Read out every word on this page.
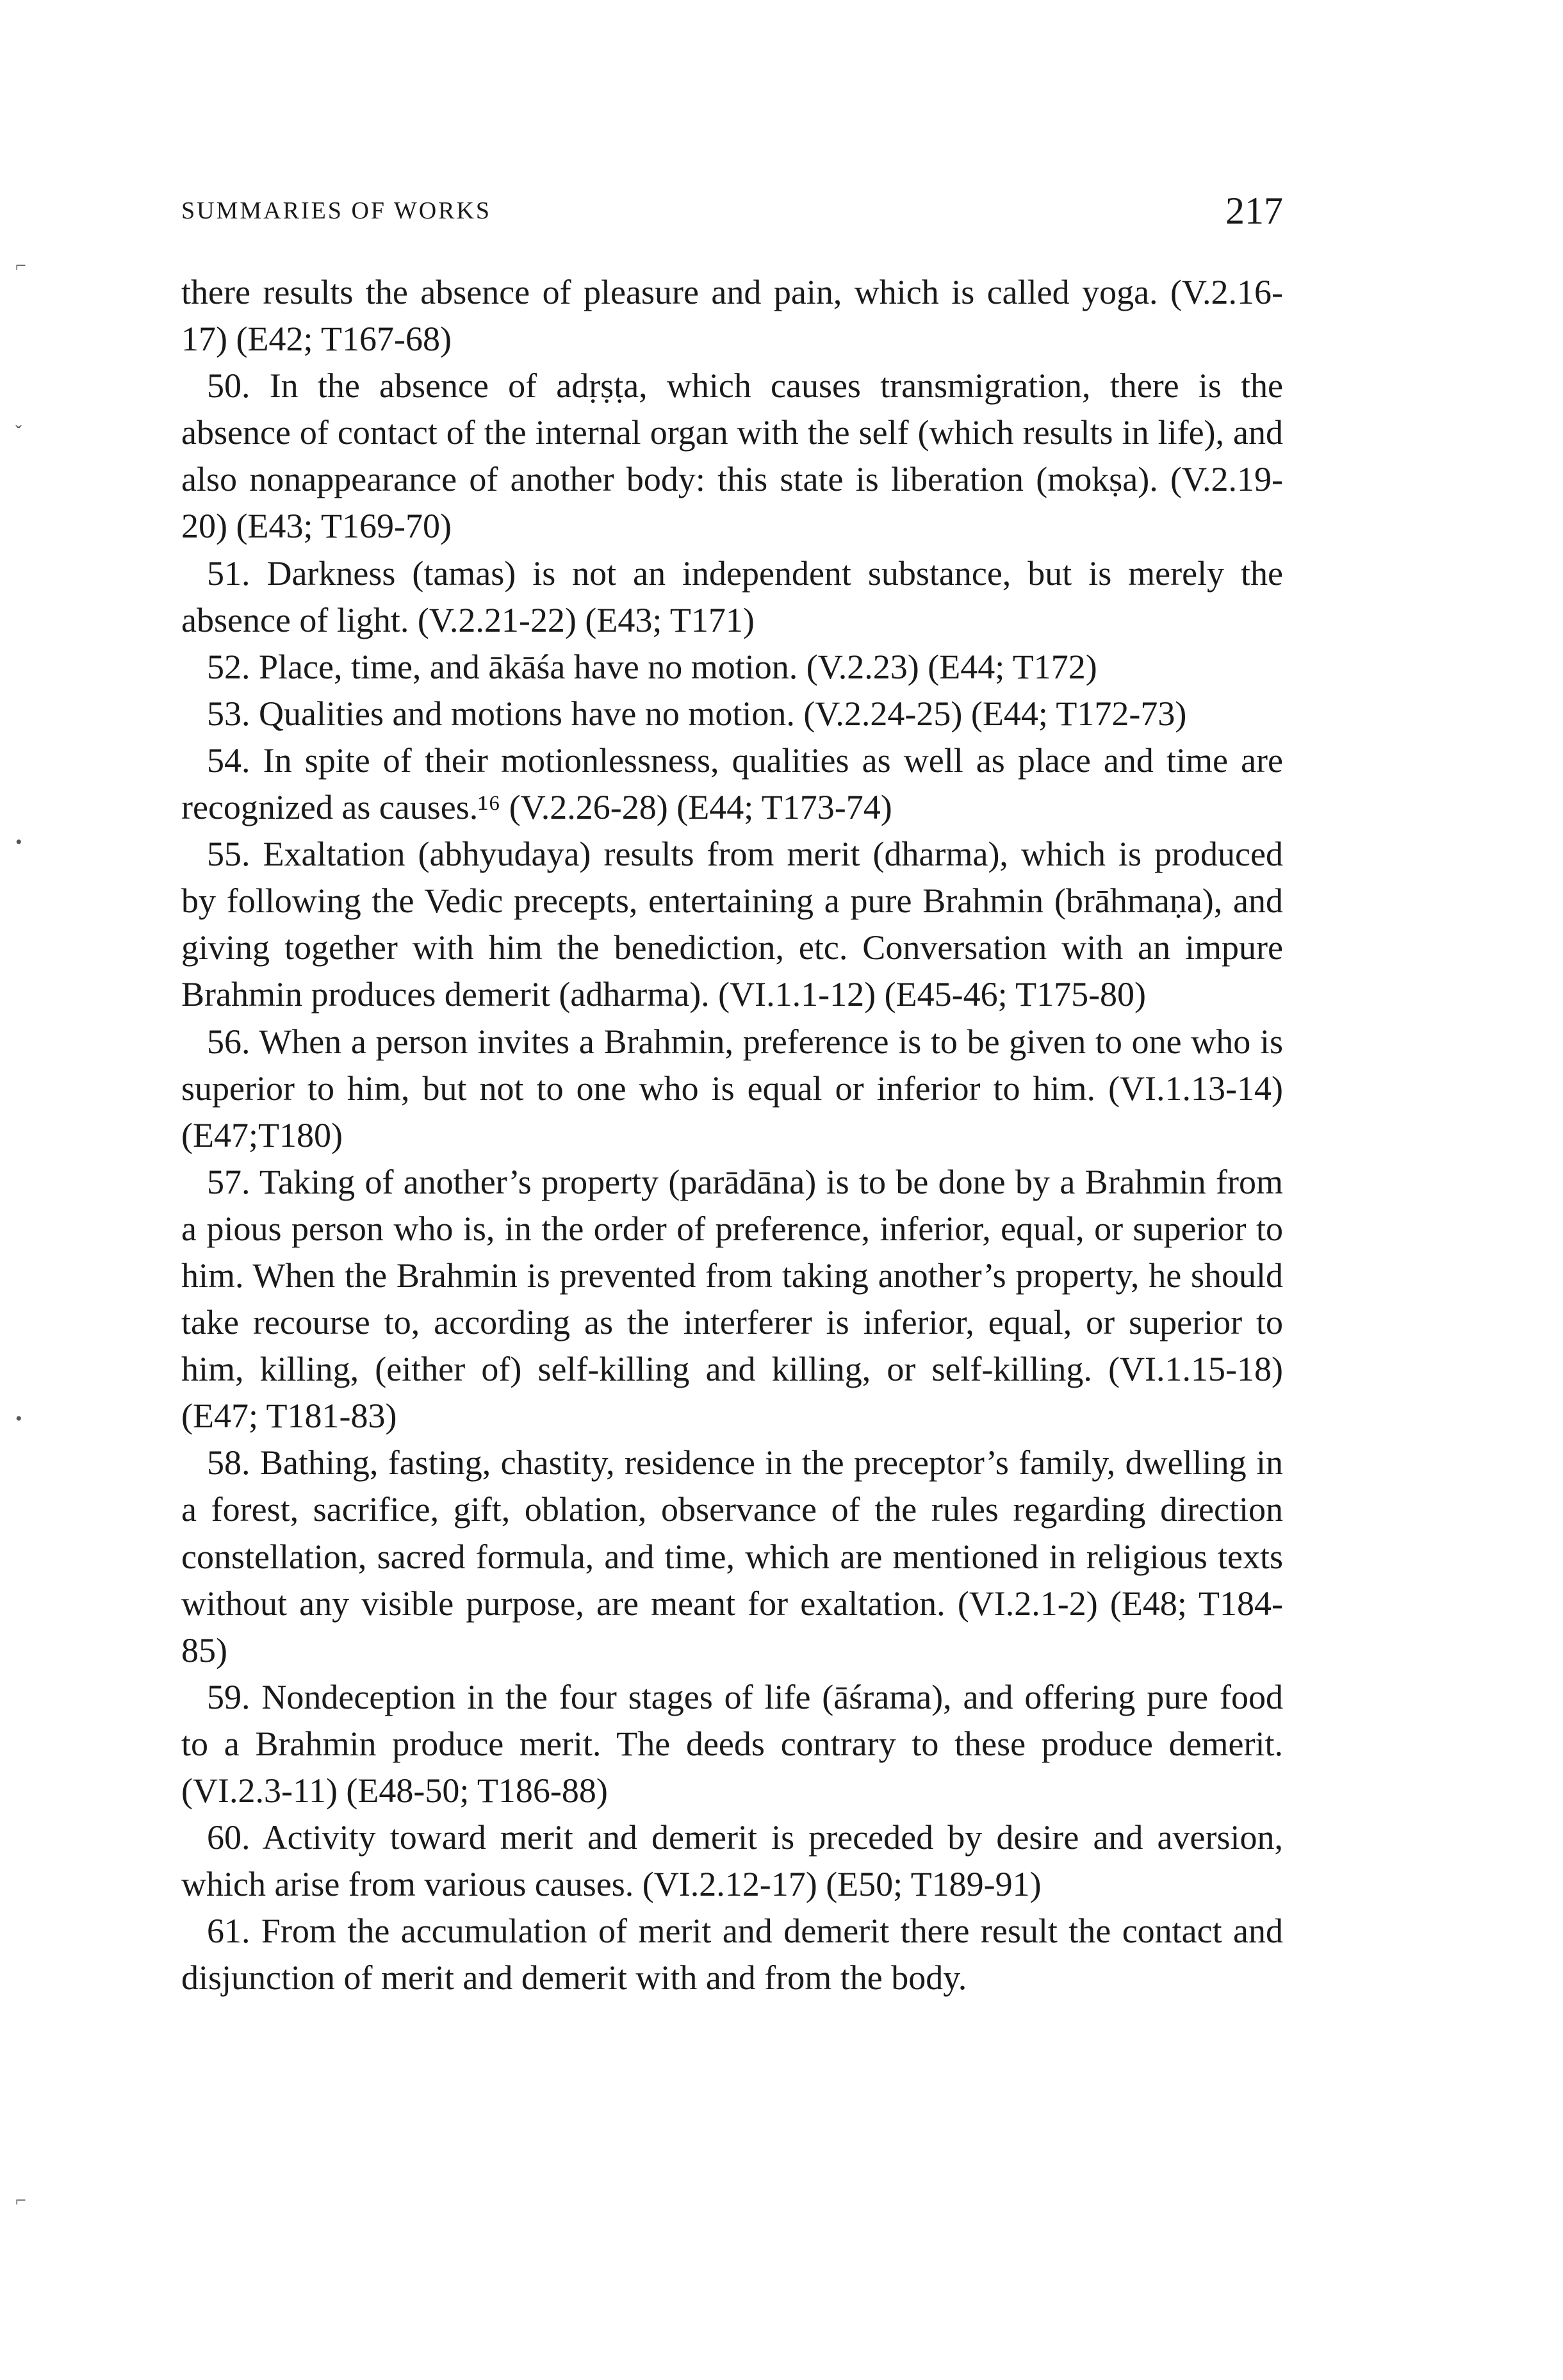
SUMMARIES OF WORKS	217
⌐
ˇ
•
•
⌐

there results the absence of pleasure and pain, which is called yoga. (V.2.16-17) (E42; T167-68)

50. In the absence of adṛṣṭa, which causes transmigration, there is the absence of contact of the internal organ with the self (which results in life), and also nonappearance of another body: this state is liberation (mokṣa). (V.2.19-20) (E43; T169-70)

51. Darkness (tamas) is not an independent substance, but is merely the absence of light. (V.2.21-22) (E43; T171)

52. Place, time, and ākāśa have no motion. (V.2.23) (E44; T172)

53. Qualities and motions have no motion. (V.2.24-25) (E44; T172-73)

54. In spite of their motionlessness, qualities as well as place and time are recognized as causes.¹⁶ (V.2.26-28) (E44; T173-74)

55. Exaltation (abhyudaya) results from merit (dharma), which is produced by following the Vedic precepts, entertaining a pure Brahmin (brāhmaṇa), and giving together with him the benediction, etc. Conversation with an impure Brahmin produces demerit (adharma). (VI.1.1-12) (E45-46; T175-80)

56. When a person invites a Brahmin, preference is to be given to one who is superior to him, but not to one who is equal or inferior to him. (VI.1.13-14) (E47;T180)

57. Taking of another’s property (parādāna) is to be done by a Brahmin from a pious person who is, in the order of preference, inferior, equal, or superior to him. When the Brahmin is prevented from taking another’s property, he should take recourse to, according as the interferer is inferior, equal, or superior to him, killing, (either of) self-killing and killing, or self-killing. (VI.1.15-18) (E47; T181-83)

58. Bathing, fasting, chastity, residence in the preceptor’s family, dwelling in a forest, sacrifice, gift, oblation, observance of the rules regarding direction constellation, sacred formula, and time, which are mentioned in religious texts without any visible purpose, are meant for exaltation. (VI.2.1-2) (E48; T184-85)

59. Nondeception in the four stages of life (āśrama), and offering pure food to a Brahmin produce merit. The deeds contrary to these produce demerit. (VI.2.3-11) (E48-50; T186-88)

60. Activity toward merit and demerit is preceded by desire and aversion, which arise from various causes. (VI.2.12-17) (E50; T189-91)

61. From the accumulation of merit and demerit there result the contact and disjunction of merit and demerit with and from the body.
